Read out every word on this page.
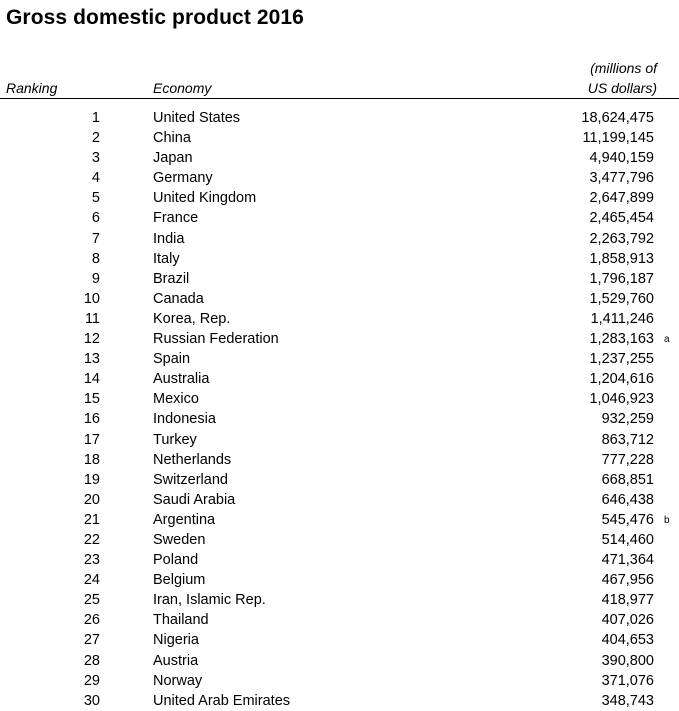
Gross domestic product 2016
Ranking	Economy
(millions of
US dollars)
1	United States	18,624,475
2	China	11,199,145
3	Japan	4,940,159
4	Germany	3,477,796
5	United Kingdom	2,647,899
6	France	2,465,454
7	India	2,263,792
8	Italy	1,858,913
9	Brazil	1,796,187
10	Canada	1,529,760
11	Korea, Rep.	1,411,246
12	Russian Federation	1,283,163 a
13	Spain	1,237,255
14	Australia	1,204,616
15	Mexico	1,046,923
16	Indonesia	932,259
17	Turkey	863,712
18	Netherlands	777,228
19	Switzerland	668,851
20	Saudi Arabia	646,438
21	Argentina	545,476 b
22	Sweden	514,460
23	Poland	471,364
24	Belgium	467,956
25	Iran, Islamic Rep.	418,977
26	Thailand	407,026
27	Nigeria	404,653
28	Austria	390,800
29	Norway	371,076
30	United Arab Emirates	348,743
